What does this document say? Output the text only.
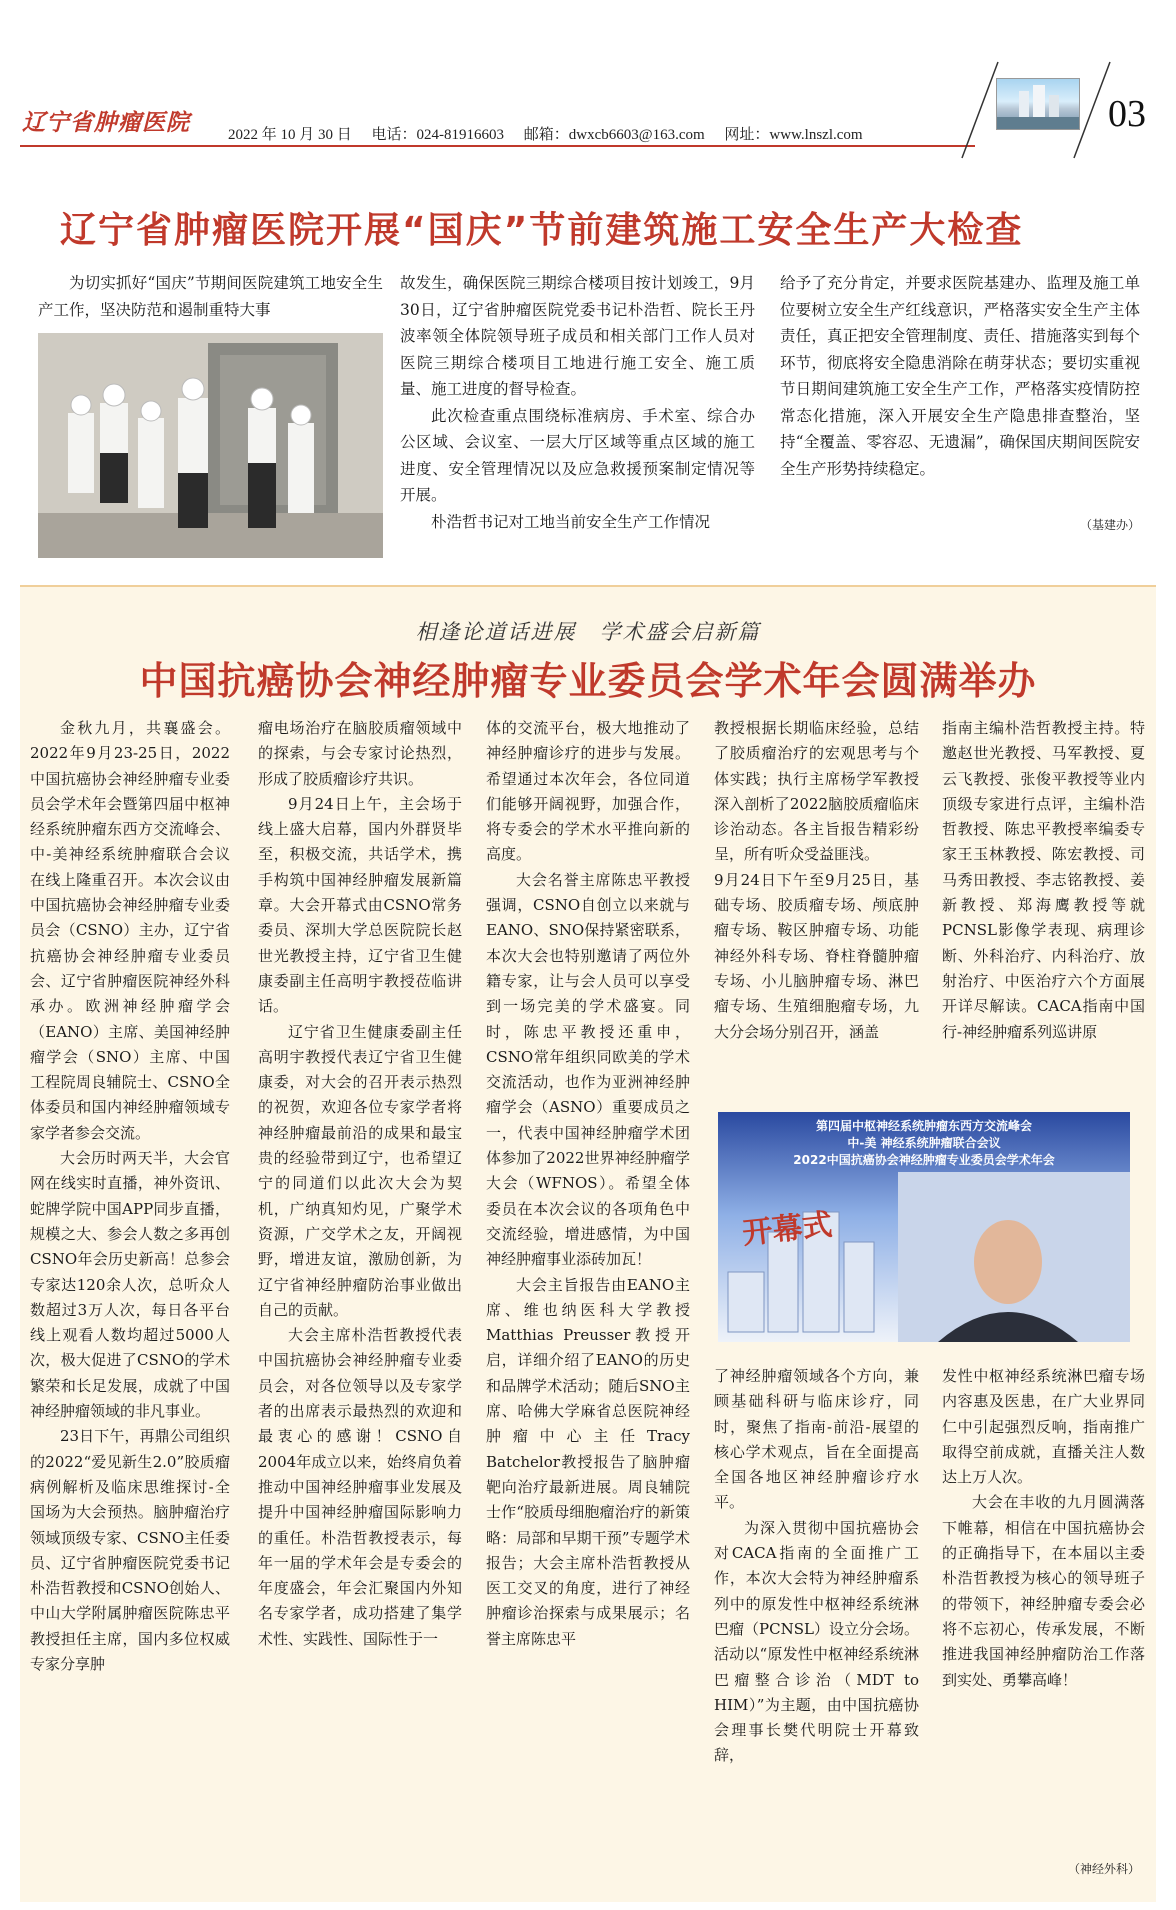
辽宁省肿瘤医院	2022 年 10 月 30 日 电话：024-81916603 邮箱：dwxcb6603@163.com 网址：www.lnszl.com	03
辽宁省肿瘤医院开展“国庆”节前建筑施工安全生产大检查

为切实抓好“国庆”节期间医院建筑工地安全生产工作，坚决防范和遏制重特大事

故发生，确保医院三期综合楼项目按计划竣工，9月30日，辽宁省肿瘤医院党委书记朴浩哲、院长王丹波率领全体院领导班子成员和相关部门工作人员对医院三期综合楼项目工地进行施工安全、施工质量、施工进度的督导检查。

此次检查重点围绕标准病房、手术室、综合办公区域、会议室、一层大厅区域等重点区域的施工进度、安全管理情况以及应急救援预案制定情况等开展。

朴浩哲书记对工地当前安全生产工作情况

给予了充分肯定，并要求医院基建办、监理及施工单位要树立安全生产红线意识，严格落实安全生产主体责任，真正把安全管理制度、责任、措施落实到每个环节，彻底将安全隐患消除在萌芽状态；要切实重视节日期间建筑施工安全生产工作，严格落实疫情防控常态化措施，深入开展安全生产隐患排查整治，坚持“全覆盖、零容忍、无遗漏”，确保国庆期间医院安全生产形势持续稳定。

（基建办）
相逢论道话进展　学术盛会启新篇
中国抗癌协会神经肿瘤专业委员会学术年会圆满举办

金秋九月，共襄盛会。2022年9月23-25日，2022中国抗癌协会神经肿瘤专业委员会学术年会暨第四届中枢神经系统肿瘤东西方交流峰会、中-美神经系统肿瘤联合会议在线上隆重召开。本次会议由中国抗癌协会神经肿瘤专业委员会（CSNO）主办，辽宁省抗癌协会神经肿瘤专业委员会、辽宁省肿瘤医院神经外科承办。欧洲神经肿瘤学会（EANO）主席、美国神经肿瘤学会（SNO）主席、中国工程院周良辅院士、CSNO全体委员和国内神经肿瘤领域专家学者参会交流。

大会历时两天半，大会官网在线实时直播，神外资讯、蛇牌学院中国APP同步直播，规模之大、参会人数之多再创CSNO年会历史新高！总参会专家达120余人次，总听众人数超过3万人次，每日各平台线上观看人数均超过5000人次，极大促进了CSNO的学术繁荣和长足发展，成就了中国神经肿瘤领域的非凡事业。

23日下午，再鼎公司组织的2022“爱见新生2.0”胶质瘤病例解析及临床思维探讨-全国场为大会预热。脑肿瘤治疗领域顶级专家、CSNO主任委员、辽宁省肿瘤医院党委书记朴浩哲教授和CSNO创始人、中山大学附属肿瘤医院陈忠平教授担任主席，国内多位权威专家分享肿

瘤电场治疗在脑胶质瘤领域中的探索，与会专家讨论热烈，形成了胶质瘤诊疗共识。

9月24日上午，主会场于线上盛大启幕，国内外群贤毕至，积极交流，共话学术，携手构筑中国神经肿瘤发展新篇章。大会开幕式由CSNO常务委员、深圳大学总医院院长赵世光教授主持，辽宁省卫生健康委副主任高明宇教授莅临讲话。

辽宁省卫生健康委副主任高明宇教授代表辽宁省卫生健康委，对大会的召开表示热烈的祝贺，欢迎各位专家学者将神经肿瘤最前沿的成果和最宝贵的经验带到辽宁，也希望辽宁的同道们以此次大会为契机，广纳真知灼见，广聚学术资源，广交学术之友，开阔视野，增进友谊，激励创新，为辽宁省神经肿瘤防治事业做出自己的贡献。

大会主席朴浩哲教授代表中国抗癌协会神经肿瘤专业委员会，对各位领导以及专家学者的出席表示最热烈的欢迎和最衷心的感谢！CSNO自2004年成立以来，始终肩负着推动中国神经肿瘤事业发展及提升中国神经肿瘤国际影响力的重任。朴浩哲教授表示，每年一届的学术年会是专委会的年度盛会，年会汇聚国内外知名专家学者，成功搭建了集学术性、实践性、国际性于一

体的交流平台，极大地推动了神经肿瘤诊疗的进步与发展。希望通过本次年会，各位同道们能够开阔视野，加强合作，将专委会的学术水平推向新的高度。

大会名誉主席陈忠平教授强调，CSNO自创立以来就与EANO、SNO保持紧密联系，本次大会也特别邀请了两位外籍专家，让与会人员可以享受到一场完美的学术盛宴。同时，陈忠平教授还重申，CSNO常年组织同欧美的学术交流活动，也作为亚洲神经肿瘤学会（ASNO）重要成员之一，代表中国神经肿瘤学术团体参加了2022世界神经肿瘤学大会（WFNOS）。希望全体委员在本次会议的各项角色中交流经验，增进感情，为中国神经肿瘤事业添砖加瓦！

大会主旨报告由EANO主席、维也纳医科大学教授Matthias Preusser教授开启，详细介绍了EANO的历史和品牌学术活动；随后SNO主席、哈佛大学麻省总医院神经肿瘤中心主任Tracy Batchelor教授报告了脑肿瘤靶向治疗最新进展。周良辅院士作“胶质母细胞瘤治疗的新策略：局部和早期干预”专题学术报告；大会主席朴浩哲教授从医工交叉的角度，进行了神经肿瘤诊治探索与成果展示；名誉主席陈忠平

教授根据长期临床经验，总结了胶质瘤治疗的宏观思考与个体实践；执行主席杨学军教授深入剖析了2022脑胶质瘤临床诊治动态。各主旨报告精彩纷呈，所有听众受益匪浅。

9月24日下午至9月25日，基础专场、胶质瘤专场、颅底肿瘤专场、鞍区肿瘤专场、功能神经外科专场、脊柱脊髓肿瘤专场、小儿脑肿瘤专场、淋巴瘤专场、生殖细胞瘤专场，九大分会场分别召开，涵盖

指南主编朴浩哲教授主持。特邀赵世光教授、马军教授、夏云飞教授、张俊平教授等业内顶级专家进行点评，主编朴浩哲教授、陈忠平教授率编委专家王玉林教授、陈宏教授、司马秀田教授、李志铭教授、姜新教授、郑海鹰教授等就PCNSL影像学表现、病理诊断、外科治疗、内科治疗、放射治疗、中医治疗六个方面展开详尽解读。CACA指南中国行-神经肿瘤系列巡讲原

第四届中枢神经系统肿瘤东西方交流峰会
中-美 神经系统肿瘤联合会议
2022中国抗癌协会神经肿瘤专业委员会学术年会
开幕式

了神经肿瘤领域各个方向，兼顾基础科研与临床诊疗，同时，聚焦了指南-前沿-展望的核心学术观点，旨在全面提高全国各地区神经肿瘤诊疗水平。

为深入贯彻中国抗癌协会对CACA指南的全面推广工作，本次大会特为神经肿瘤系列中的原发性中枢神经系统淋巴瘤（PCNSL）设立分会场。活动以“原发性中枢神经系统淋巴瘤整合诊治（MDT to HIM）”为主题，由中国抗癌协会理事长樊代明院士开幕致辞，

发性中枢神经系统淋巴瘤专场内容惠及医患，在广大业界同仁中引起强烈反响，指南推广取得空前成就，直播关注人数达上万人次。

大会在丰收的九月圆满落下帷幕，相信在中国抗癌协会的正确指导下，在本届以主委朴浩哲教授为核心的领导班子的带领下，神经肿瘤专委会必将不忘初心，传承发展，不断推进我国神经肿瘤防治工作落到实处、勇攀高峰！

（神经外科）
